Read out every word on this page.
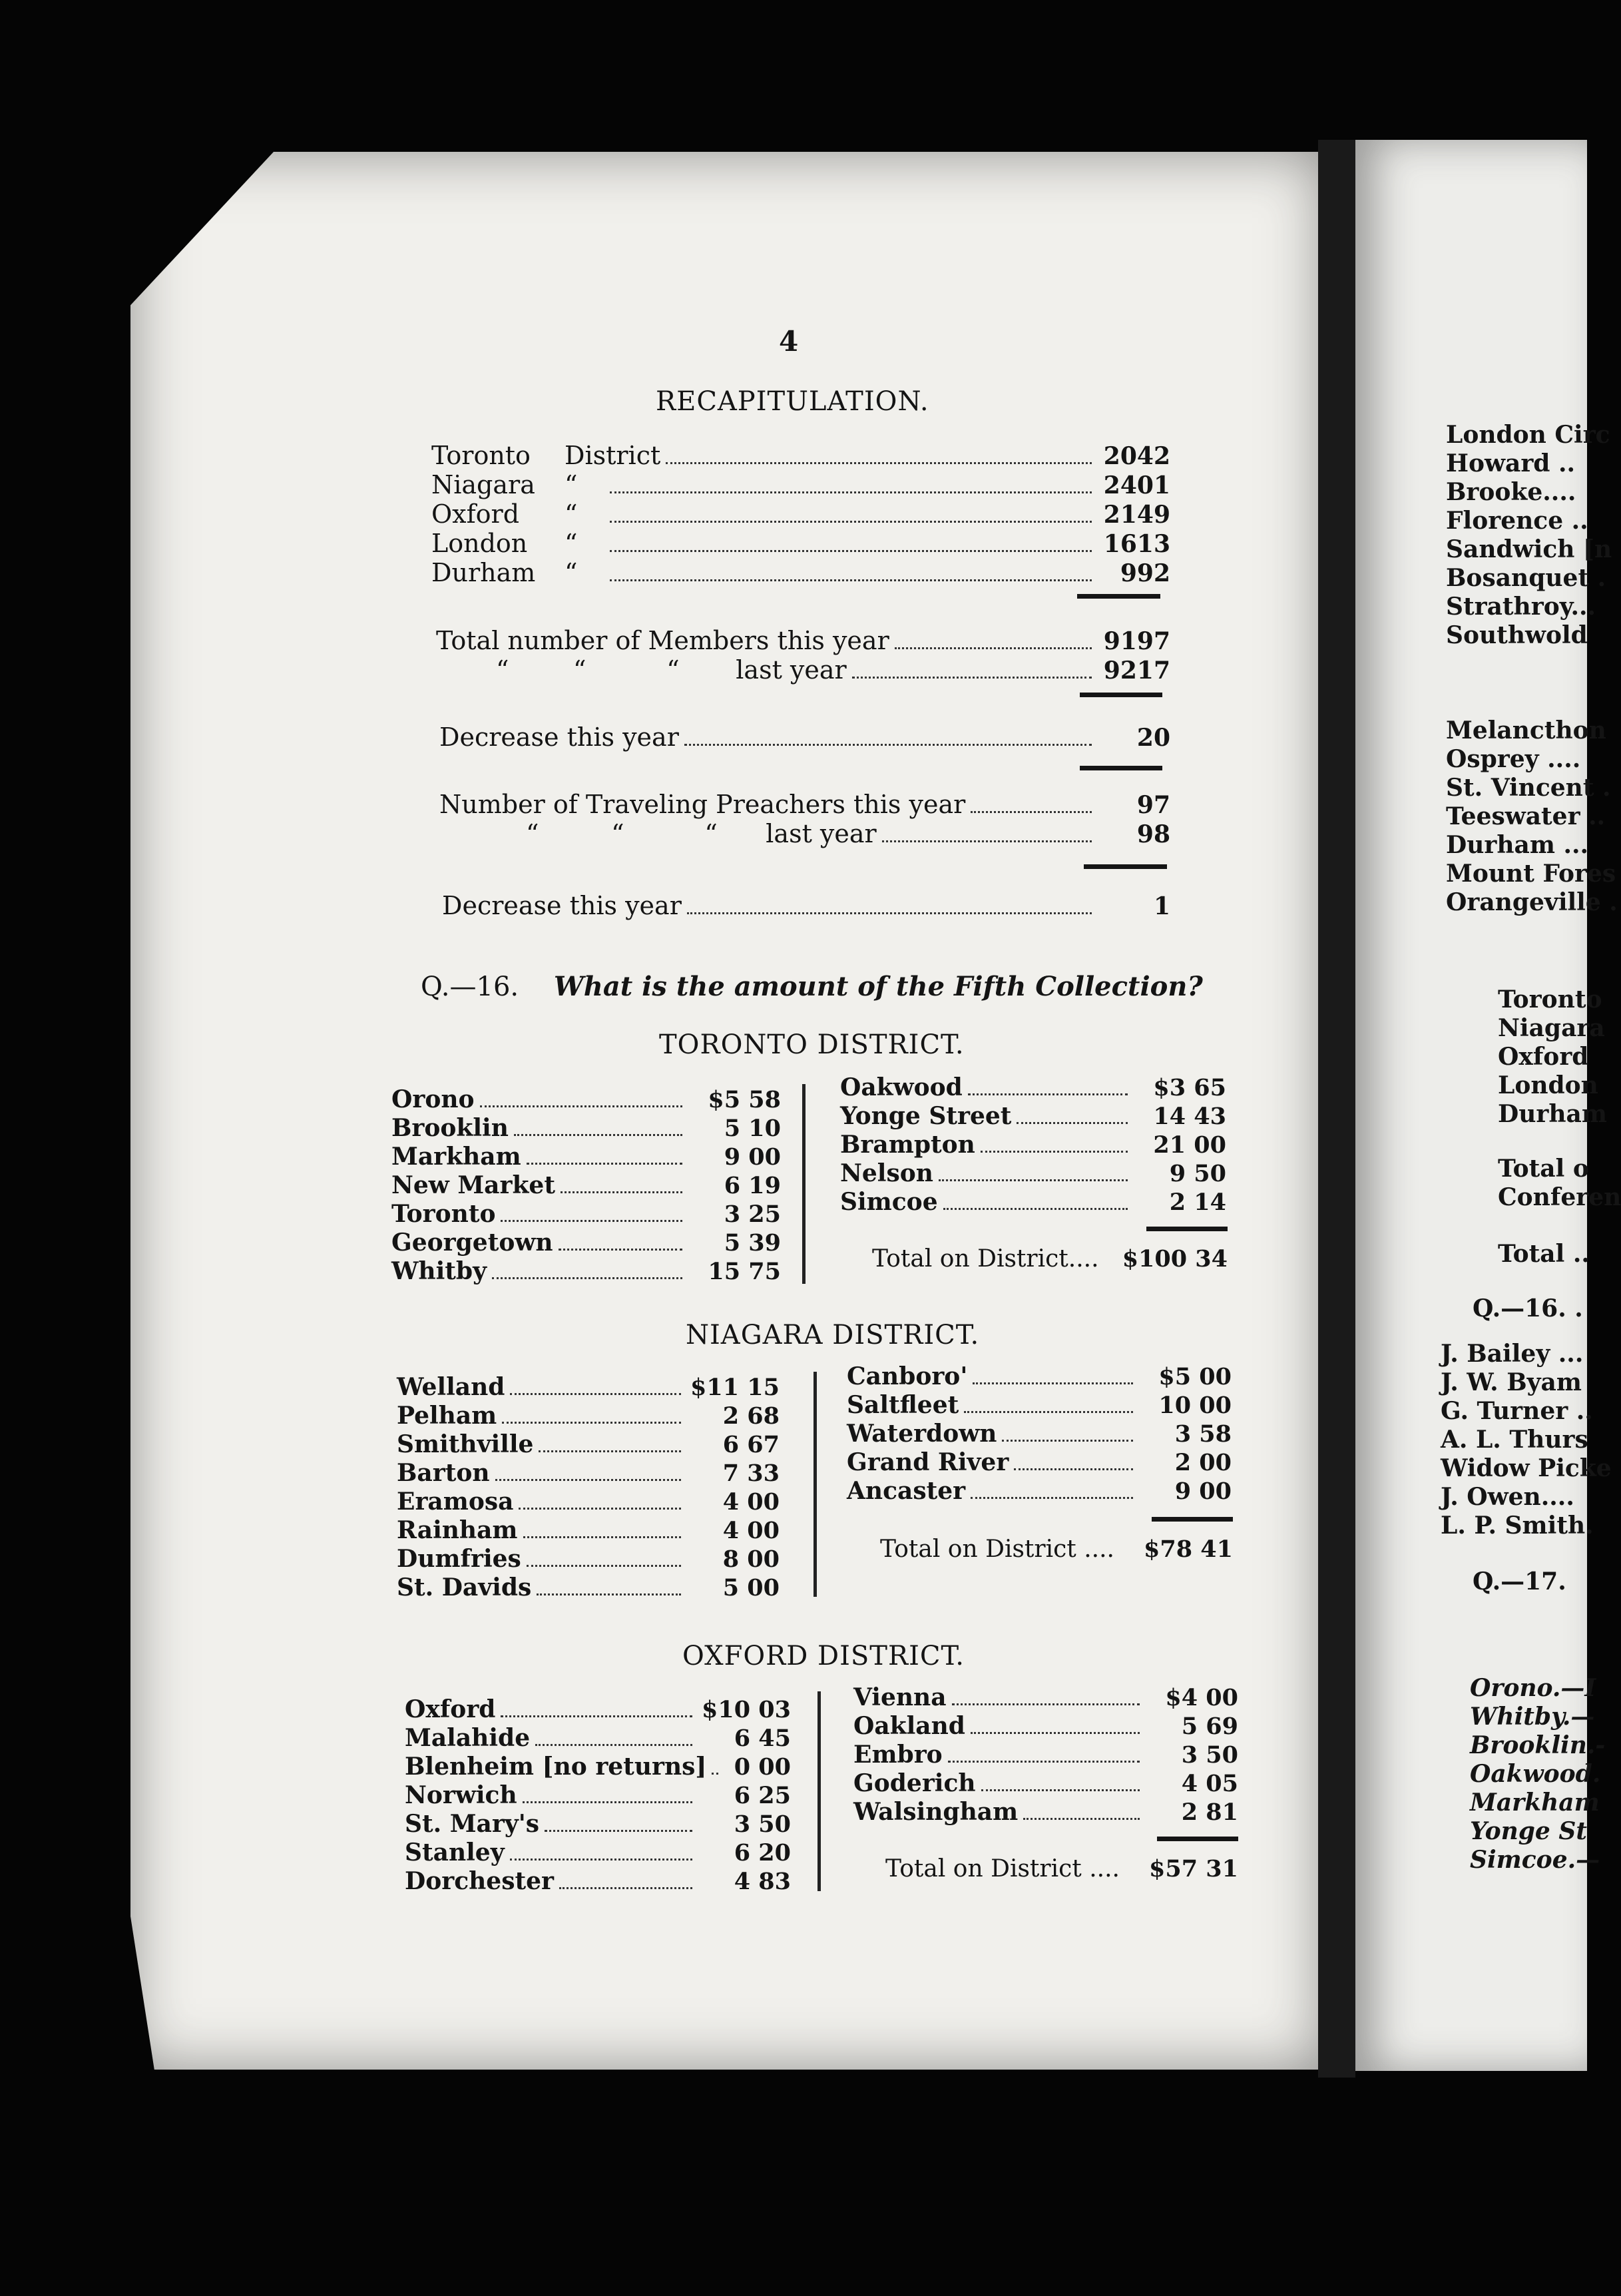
4
RECAPITULATION.
Toronto	District	2042
Niagara	“	2401
Oxford	“	2149
London	“	1613
Durham	“	992
Total number of Members this year	9197
“        “          “       last year	9217
Decrease this year	20
Number of Traveling Preachers this year	97
“         “          “      last year	98
Decrease this year	1
Q.—16. What is the amount of the Fifth Collection?
TORONTO DISTRICT.
Orono	$5 58
Brooklin	5 10
Markham	9 00
New Market	6 19
Toronto	3 25
Georgetown	5 39
Whitby	15 75
Oakwood	$3 65
Yonge Street	14 43
Brampton	21 00
Nelson	9 50
Simcoe	2 14
Total on District....	$100 34
NIAGARA DISTRICT.
Welland	$11 15
Pelham	2 68
Smithville	6 67
Barton	7 33
Eramosa	4 00
Rainham	4 00
Dumfries	8 00
St. Davids	5 00
Canboro'	$5 00
Saltfleet	10 00
Waterdown	3 58
Grand River	2 00
Ancaster	9 00
Total on District ....	$78 41
OXFORD DISTRICT.
Oxford	$10 03
Malahide	6 45
Blenheim [no returns]	0 00
Norwich	6 25
St. Mary's	3 50
Stanley	6 20
Dorchester	4 83
Vienna	$4 00
Oakland	5 69
Embro	3 50
Goderich	4 05
Walsingham	2 81
Total on District ....	$57 31
London Circ
Howard ..
Brooke....
Florence ..
Sandwich [n
Bosanquet .
Strathroy...
Southwold
Melancthon
Osprey ....
St. Vincent .
Teeswater ..
Durham ...
Mount Fores
Orangeville .
Toronto
Niagara
Oxford
London
Durham
Total o
Conferen
Total ..
Q.—16. .
J. Bailey ...
J. W. Byam
G. Turner ..
A. L. Thurs
Widow Picke
J. Owen....
L. P. Smith.
Q.—17.
Orono.—I
Whitby.—
Brooklin.-
Oakwood.
Markham
Yonge St
Simcoe.—
